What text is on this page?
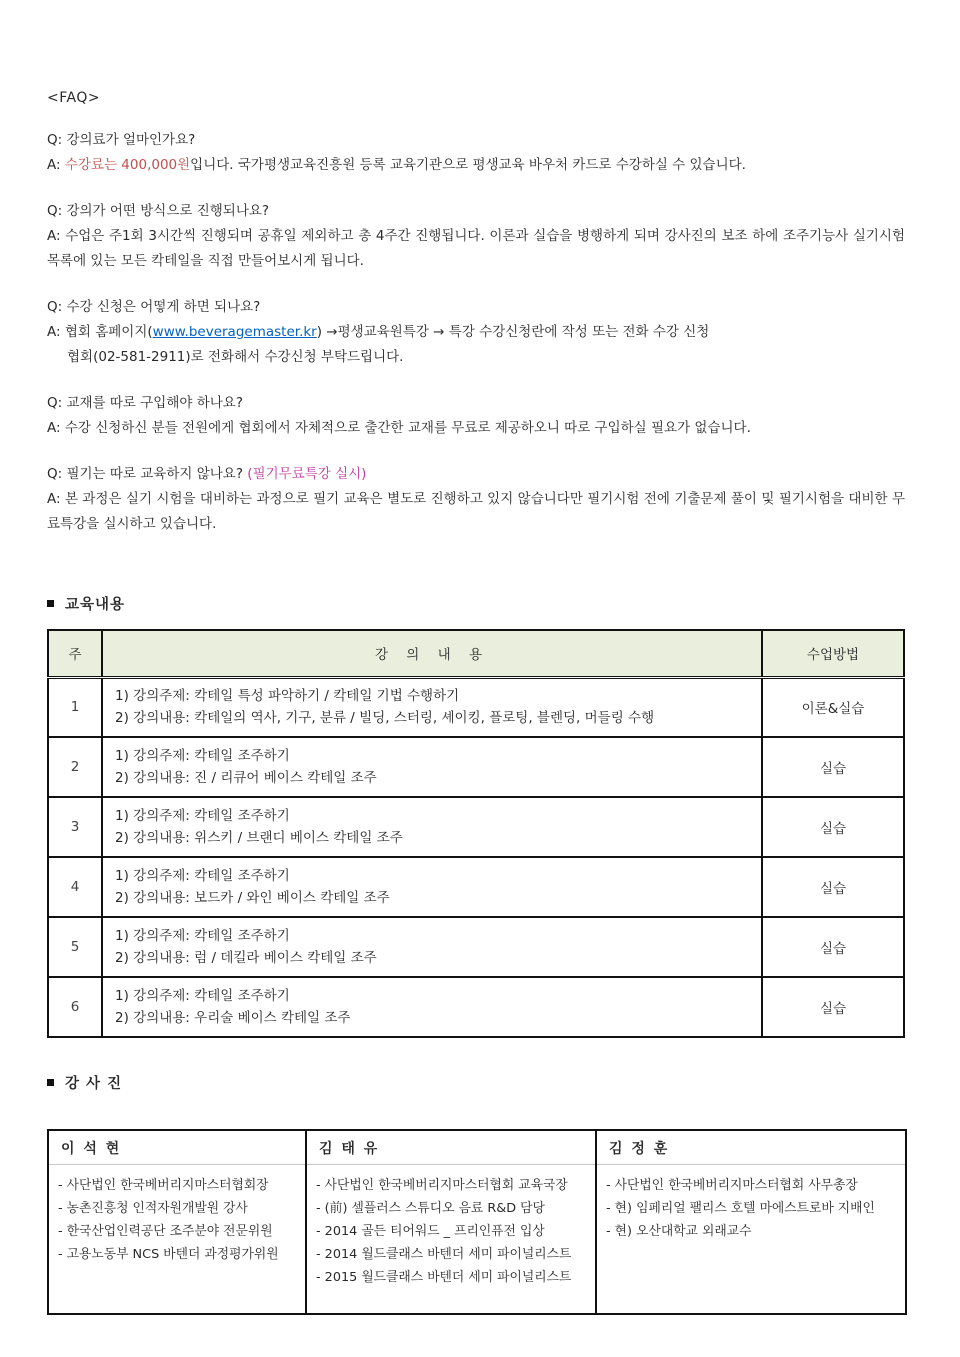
<FAQ>

Q: 강의료가 얼마인가요?

A: 수강료는 400,000원입니다. 국가평생교육진흥원 등록 교육기관으로 평생교육 바우처 카드로 수강하실 수 있습니다.

Q: 강의가 어떤 방식으로 진행되나요?

A: 수업은 주1회 3시간씩 진행되며 공휴일 제외하고 총 4주간 진행됩니다. 이론과 실습을 병행하게 되며 강사진의 보조 하에 조주기능사 실기시험 목록에 있는 모든 칵테일을 직접 만들어보시게 됩니다.

Q: 수강 신청은 어떻게 하면 되나요?

A: 협회 홈페이지(www.beveragemaster.kr) →평생교육원특강 → 특강 수강신청란에 작성 또는 전화 수강 신청

협회(02-581-2911)로 전화해서 수강신청 부탁드립니다.

Q: 교재를 따로 구입해야 하나요?

A: 수강 신청하신 분들 전원에게 협회에서 자체적으로 출간한 교재를 무료로 제공하오니 따로 구입하실 필요가 없습니다.

Q: 필기는 따로 교육하지 않나요? (필기무료특강 실시)

A: 본 과정은 실기 시험을 대비하는 과정으로 필기 교육은 별도로 진행하고 있지 않습니다만 필기시험 전에 기출문제 풀이 및 필기시험을 대비한 무료특강을 실시하고 있습니다.

교육내용
주	강 의 내 용	수업방법
1	1) 강의주제: 칵테일 특성 파악하기 / 칵테일 기법 수행하기
2) 강의내용: 칵테일의 역사, 기구, 분류 / 빌딩, 스터링, 셰이킹, 플로팅, 블렌딩, 머들링 수행	이론&실습
2	1) 강의주제: 칵테일 조주하기
2) 강의내용: 진 / 리큐어 베이스 칵테일 조주	실습
3	1) 강의주제: 칵테일 조주하기
2) 강의내용: 위스키 / 브랜디 베이스 칵테일 조주	실습
4	1) 강의주제: 칵테일 조주하기
2) 강의내용: 보드카 / 와인 베이스 칵테일 조주	실습
5	1) 강의주제: 칵테일 조주하기
2) 강의내용: 럼 / 데킬라 베이스 칵테일 조주	실습
6	1) 강의주제: 칵테일 조주하기
2) 강의내용: 우리술 베이스 칵테일 조주	실습
강 사 진
이 석 현
- 사단법인 한국베버리지마스터협회장
- 농촌진흥청 인적자원개발원 강사
- 한국산업인력공단 조주분야 전문위원
- 고용노동부 NCS 바텐더 과정평가위원

김 태 유
- 사단법인 한국베버리지마스터협회 교육국장
- (前) 셀플러스 스튜디오 음료 R&D 담당
- 2014 골든 티어워드 _ 프리인퓨전 입상
- 2014 월드클래스 바텐더 세미 파이널리스트
- 2015 월드클래스 바텐더 세미 파이널리스트

김 정 훈
- 사단법인 한국베버리지마스터협회 사무총장
- 현) 임페리얼 팰리스 호텔 마에스트로바 지배인
- 현) 오산대학교 외래교수
